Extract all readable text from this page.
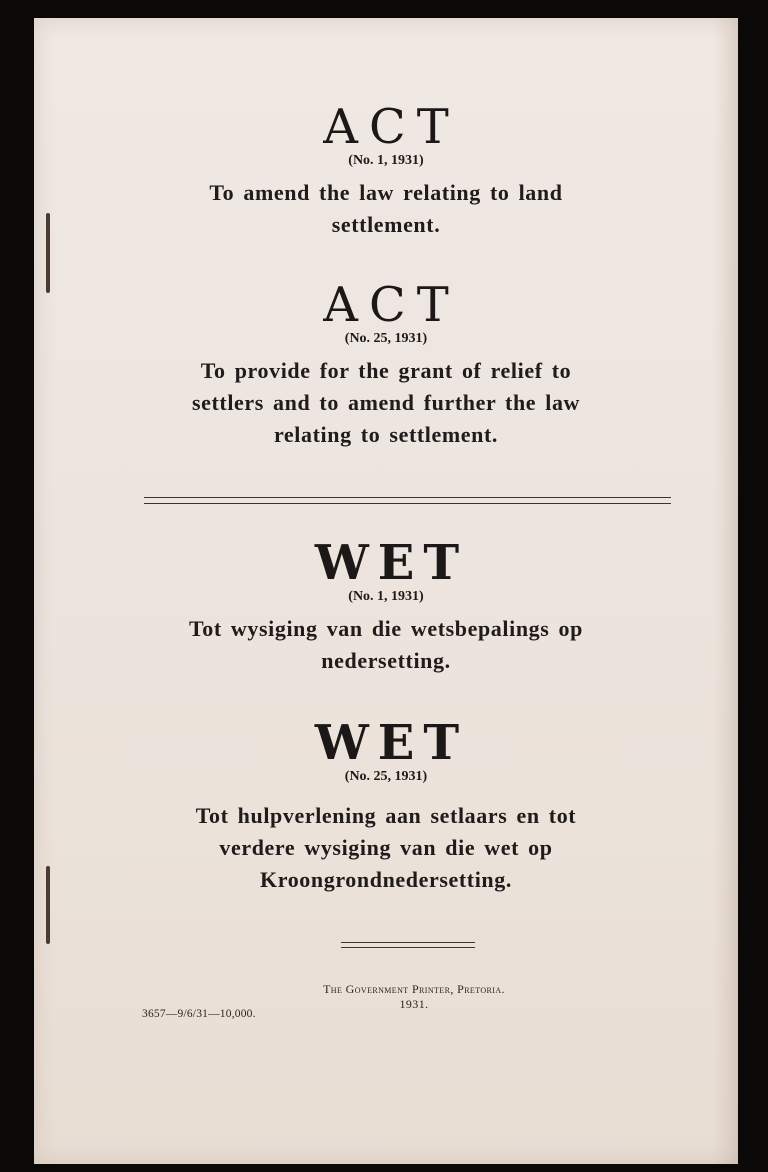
ACT
(No. 1, 1931)
To amend the law relating to land
settlement.
ACT
(No. 25, 1931)
To provide for the grant of relief to
settlers and to amend further the law
relating to settlement.
WET
(No. 1, 1931)
Tot wysiging van die wetsbepalings op
nedersetting.
WET
(No. 25, 1931)
Tot hulpverlening aan setlaars en tot
verdere wysiging van die wet op
Kroongrondnedersetting.
The Government Printer, Pretoria.
1931.
3657—9/6/31—10,000.
